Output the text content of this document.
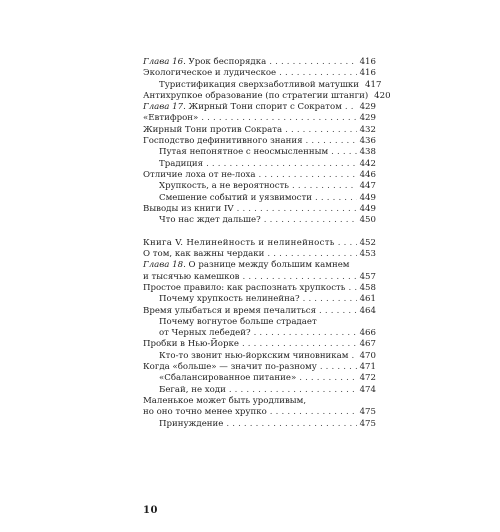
Глава 16. Урок беспорядка . . .	416
Экологическое и лудическое . . .	416
Туристификация сверхзаботливой матушки 417
Антихрупкое образование (по стратегии штанги) 420
Глава 17. Жирный Тони спорит с Сократом . . . 429
«Евтифрон» . . .	429
Жирный Тони против Сократа . . .	432
Господство дефинитивного знания . . .	436
Путая непонятное с неосмысленным . . .	438
Традиция . . .	442
Отличие лоха от не-лоха . . .	446
Хрупкость, а не вероятность . . .	447
Смешение событий и уязвимости . . .	449
Выводы из книги IV . . .	449
Что нас ждет дальше? . . .	450
Книга V. Нелинейность и нелинейность . . .	452
О том, как важны чердаки . . .	453
Глава 18. О разнице между большим камнем
и тысячью камешков . . .	457
Простое правило: как распознать хрупкость . . . 458
Почему хрупкость нелинейна? . . .	461
Время улыбаться и время печалиться . . .	464
Почему вогнутое больше страдает
от Черных лебедей? . . .	466
Пробки в Нью-Йорке . . .	467
Кто-то звонит нью-йоркским чиновникам . . . 470
Когда «больше» — значит по-разному . . .	471
«Сбалансированное питание» . . .	472
Бегай, не ходи . . .	474
Маленькое может быть уродливым,
но оно точно менее хрупко . . .	475
Принуждение . . .	475
10
